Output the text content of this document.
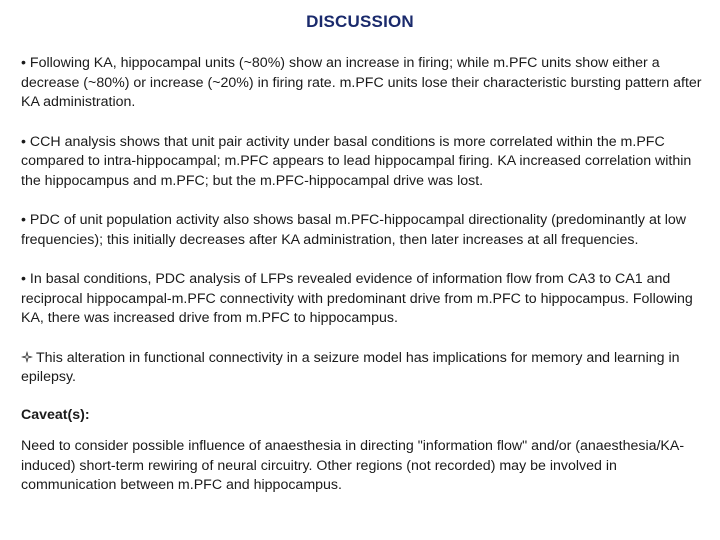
DISCUSSION

• Following KA, hippocampal units (~80%) show an increase in firing; while m.PFC units show either a decrease (~80%) or increase (~20%) in firing rate. m.PFC units lose their characteristic bursting pattern after KA administration.

• CCH analysis shows that unit pair activity under basal conditions is more correlated within the m.PFC compared to intra-hippocampal; m.PFC appears to lead hippocampal firing. KA increased correlation within the hippocampus and m.PFC; but the m.PFC-hippocampal drive was lost.

• PDC of unit population activity also shows basal m.PFC-hippocampal directionality (predominantly at low frequencies); this initially decreases after KA administration, then later increases at all frequencies.

• In basal conditions, PDC analysis of LFPs revealed evidence of information flow from CA3 to CA1 and reciprocal hippocampal-m.PFC connectivity with predominant drive from m.PFC to hippocampus. Following KA, there was increased drive from m.PFC to hippocampus.

This alteration in functional connectivity in a seizure model has implications for memory and learning in epilepsy.

Caveat(s):

Need to consider possible influence of anaesthesia in directing "information flow" and/or (anaesthesia/KA-induced) short-term rewiring of neural circuitry. Other regions (not recorded) may be involved in communication between m.PFC and hippocampus.
